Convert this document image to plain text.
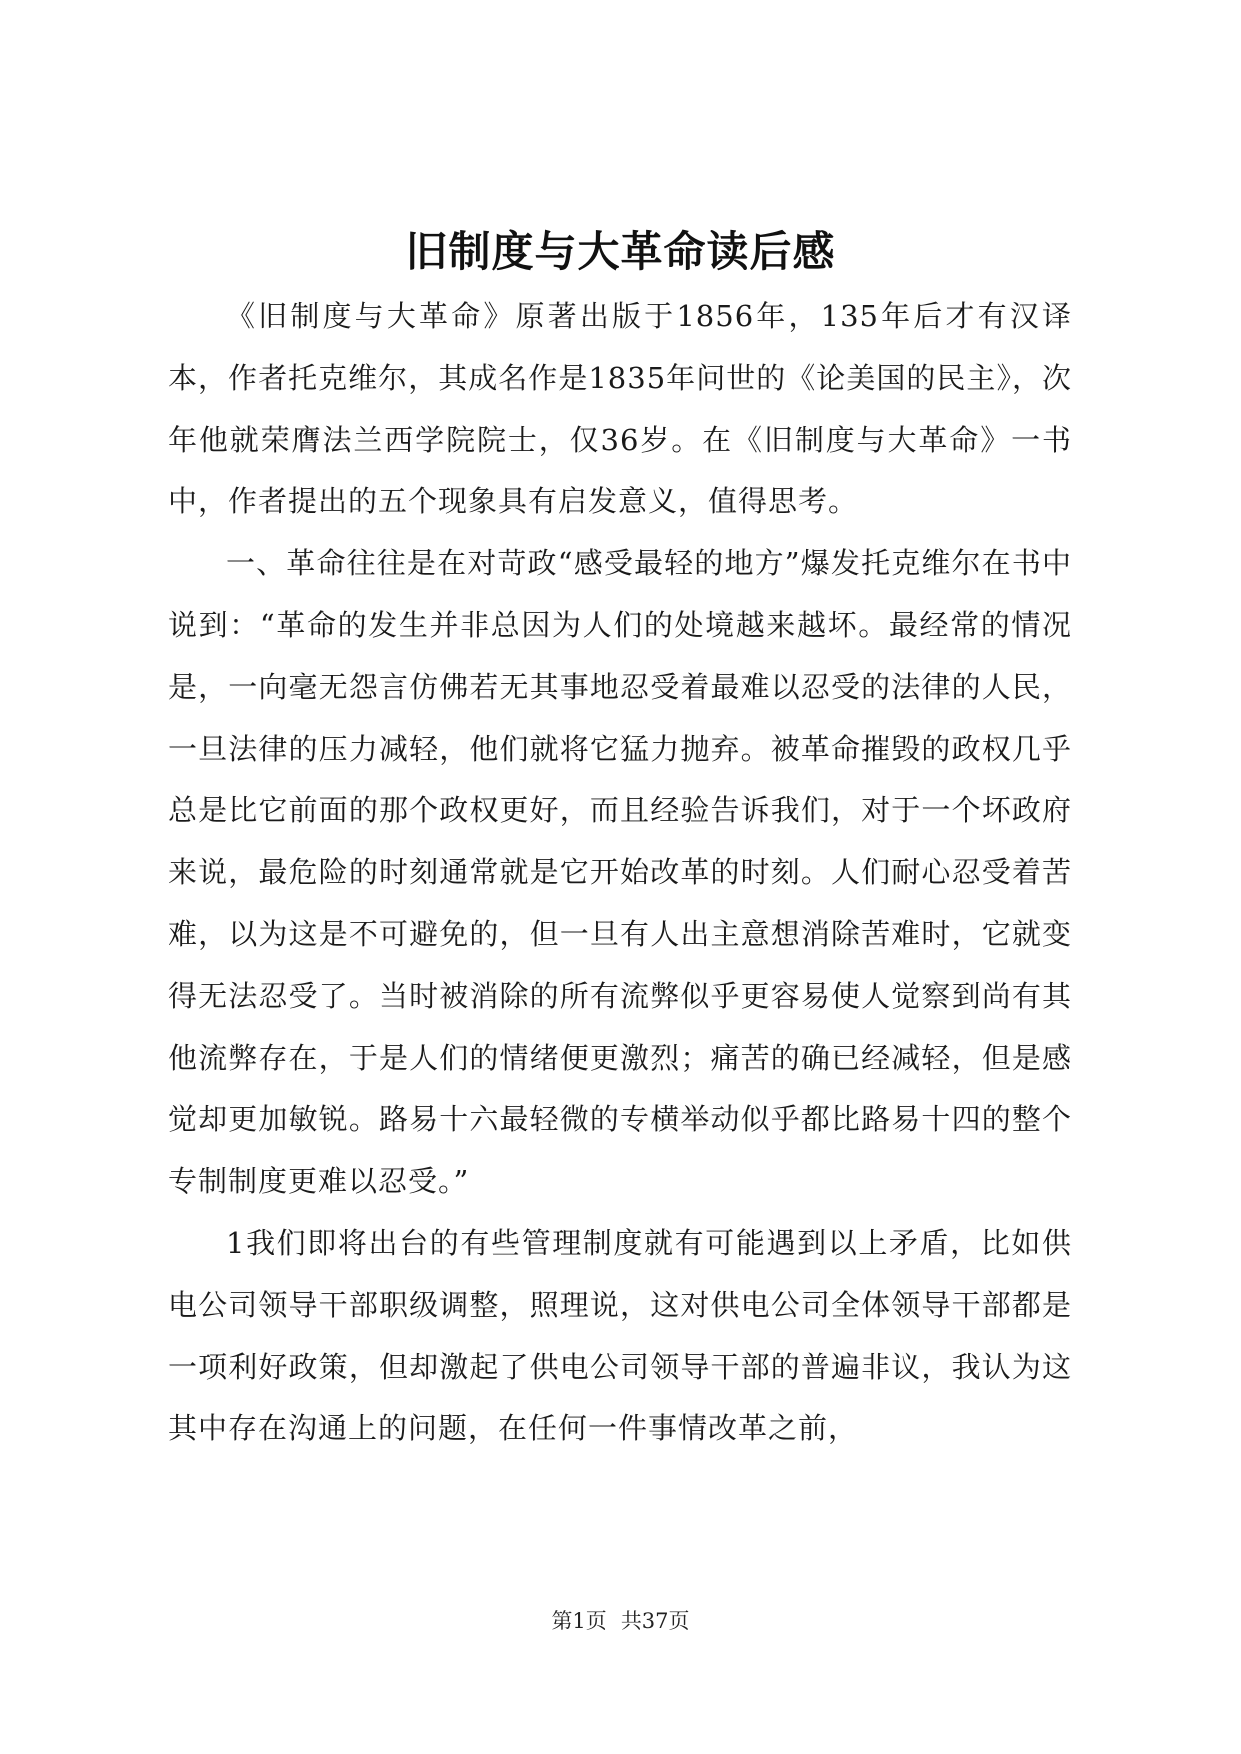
旧制度与大革命读后感

《旧制度与大革命》原著出版于1856年，135年后才有汉译本，作者托克维尔，其成名作是1835年问世的《论美国的民主》，次年他就荣膺法兰西学院院士，仅36岁。在《旧制度与大革命》一书中，作者提出的五个现象具有启发意义，值得思考。

一、革命往往是在对苛政“感受最轻的地方”爆发托克维尔在书中说到：“革命的发生并非总因为人们的处境越来越坏。最经常的情况是，一向毫无怨言仿佛若无其事地忍受着最难以忍受的法律的人民，一旦法律的压力减轻，他们就将它猛力抛弃。被革命摧毁的政权几乎总是比它前面的那个政权更好，而且经验告诉我们，对于一个坏政府来说，最危险的时刻通常就是它开始改革的时刻。人们耐心忍受着苦难，以为这是不可避免的，但一旦有人出主意想消除苦难时，它就变得无法忍受了。当时被消除的所有流弊似乎更容易使人觉察到尚有其他流弊存在，于是人们的情绪便更激烈；痛苦的确已经减轻，但是感觉却更加敏锐。路易十六最轻微的专横举动似乎都比路易十四的整个专制制度更难以忍受。”

1我们即将出台的有些管理制度就有可能遇到以上矛盾，比如供电公司领导干部职级调整，照理说，这对供电公司全体领导干部都是一项利好政策，但却激起了供电公司领导干部的普遍非议，我认为这其中存在沟通上的问题，在任何一件事情改革之前，

第1页 共37页
